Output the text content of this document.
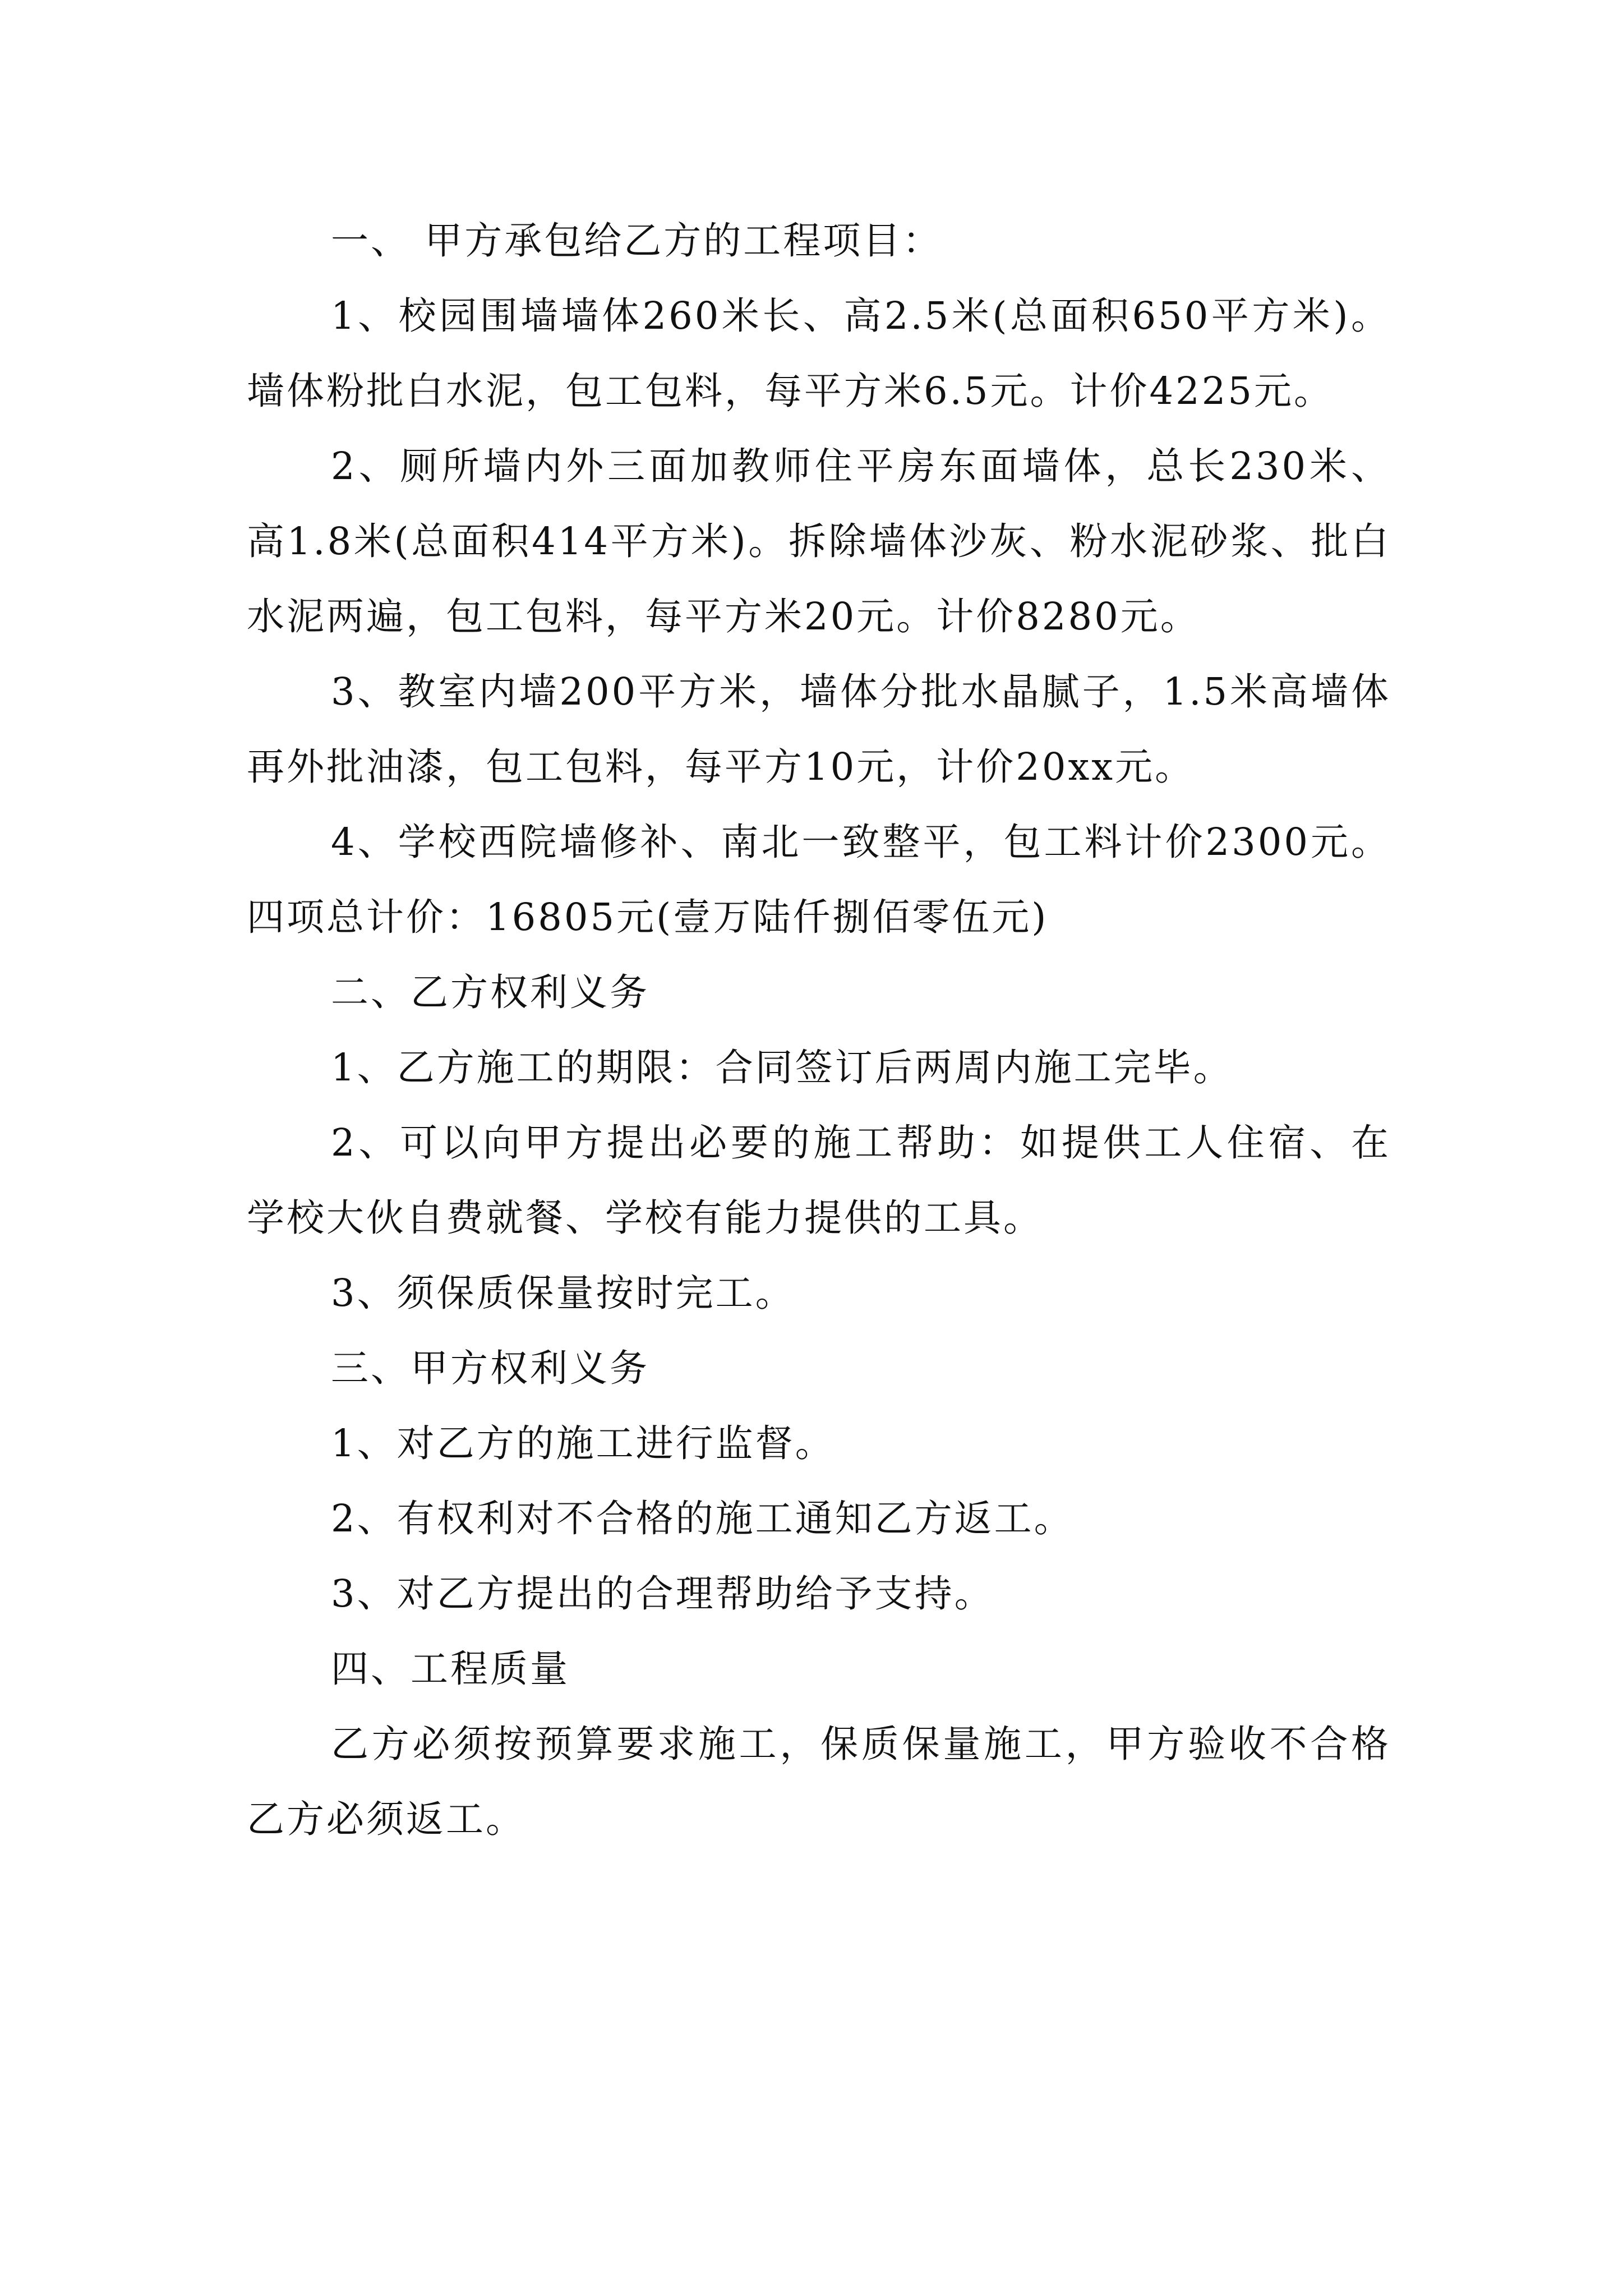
一、 甲方承包给乙方的工程项目：

1、校园围墙墙体260米长、高2.5米(总面积650平方米)。墙体粉批白水泥，包工包料，每平方米6.5元。计价4225元。

2、厕所墙内外三面加教师住平房东面墙体，总长230米、高1.8米(总面积414平方米)。拆除墙体沙灰、粉水泥砂浆、批白水泥两遍，包工包料，每平方米20元。计价8280元。

3、教室内墙200平方米，墙体分批水晶腻子，1.5米高墙体再外批油漆，包工包料，每平方10元，计价20xx元。

4、学校西院墙修补、南北一致整平，包工料计价2300元。四项总计价：16805元(壹万陆仟捌佰零伍元)

二、乙方权利义务

1、乙方施工的期限：合同签订后两周内施工完毕。

2、可以向甲方提出必要的施工帮助：如提供工人住宿、在学校大伙自费就餐、学校有能力提供的工具。

3、须保质保量按时完工。

三、甲方权利义务

1、对乙方的施工进行监督。

2、有权利对不合格的施工通知乙方返工。

3、对乙方提出的合理帮助给予支持。

四、工程质量

乙方必须按预算要求施工，保质保量施工，甲方验收不合格乙方必须返工。
